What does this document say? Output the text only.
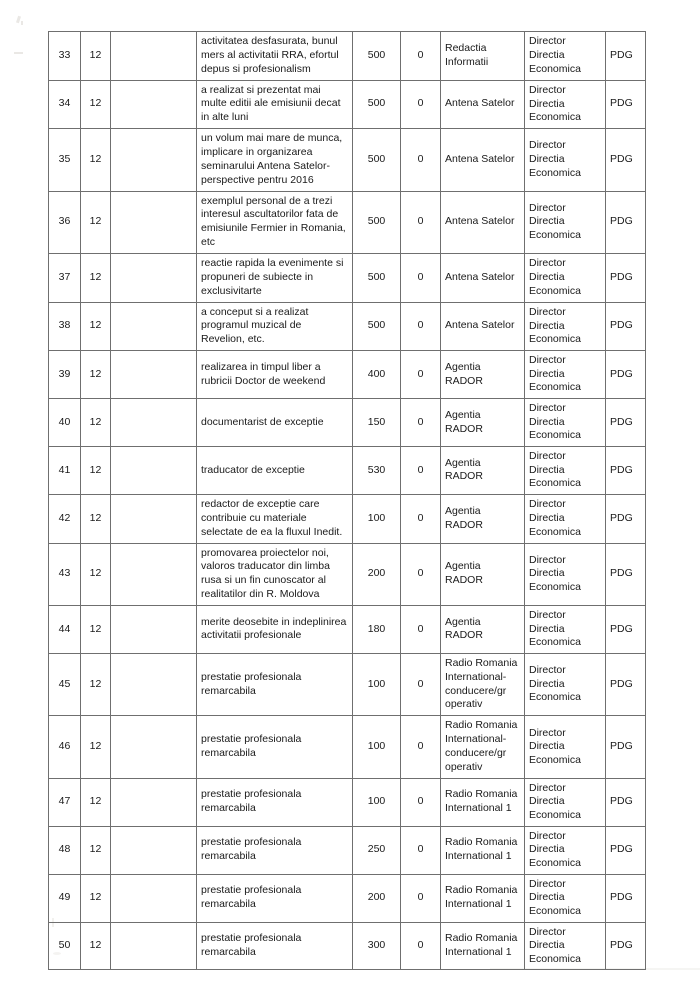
33	12		activitatea desfasurata, bunul mers al activitatii RRA, efortul depus si profesionalism	500	0	Redactia Informatii	Director Directia Economica	PDG
34	12		a realizat si prezentat mai multe editii ale emisiunii decat in alte luni	500	0	Antena Satelor	Director Directia Economica	PDG
35	12		un volum mai mare de munca, implicare in organizarea seminarului Antena Satelor- perspective pentru 2016	500	0	Antena Satelor	Director Directia Economica	PDG
36	12		exemplul personal de a trezi interesul ascultatorilor fata de emisiunile Fermier in Romania, etc	500	0	Antena Satelor	Director Directia Economica	PDG
37	12		reactie rapida la evenimente si propuneri de subiecte in exclusivitarte	500	0	Antena Satelor	Director Directia Economica	PDG
38	12		a conceput si a realizat programul muzical de Revelion, etc.	500	0	Antena Satelor	Director Directia Economica	PDG
39	12		realizarea in timpul liber a rubricii Doctor de weekend	400	0	Agentia RADOR	Director Directia Economica	PDG
40	12		documentarist de exceptie	150	0	Agentia RADOR	Director Directia Economica	PDG
41	12		traducator de exceptie	530	0	Agentia RADOR	Director Directia Economica	PDG
42	12		redactor de exceptie care contribuie cu materiale selectate de ea la fluxul Inedit.	100	0	Agentia RADOR	Director Directia Economica	PDG
43	12		promovarea proiectelor noi, valoros traducator din limba rusa si un fin cunoscator al realitatilor din R. Moldova	200	0	Agentia RADOR	Director Directia Economica	PDG
44	12		merite deosebite in indeplinirea activitatii profesionale	180	0	Agentia RADOR	Director Directia Economica	PDG
45	12		prestatie profesionala remarcabila	100	0	Radio Romania International-conducere/gr operativ	Director Directia Economica	PDG
46	12		prestatie profesionala remarcabila	100	0	Radio Romania International-conducere/gr operativ	Director Directia Economica	PDG
47	12		prestatie profesionala remarcabila	100	0	Radio Romania International 1	Director Directia Economica	PDG
48	12		prestatie profesionala remarcabila	250	0	Radio Romania International 1	Director Directia Economica	PDG
49	12		prestatie profesionala remarcabila	200	0	Radio Romania International 1	Director Directia Economica	PDG
50	12		prestatie profesionala remarcabila	300	0	Radio Romania International 1	Director Directia Economica	PDG
